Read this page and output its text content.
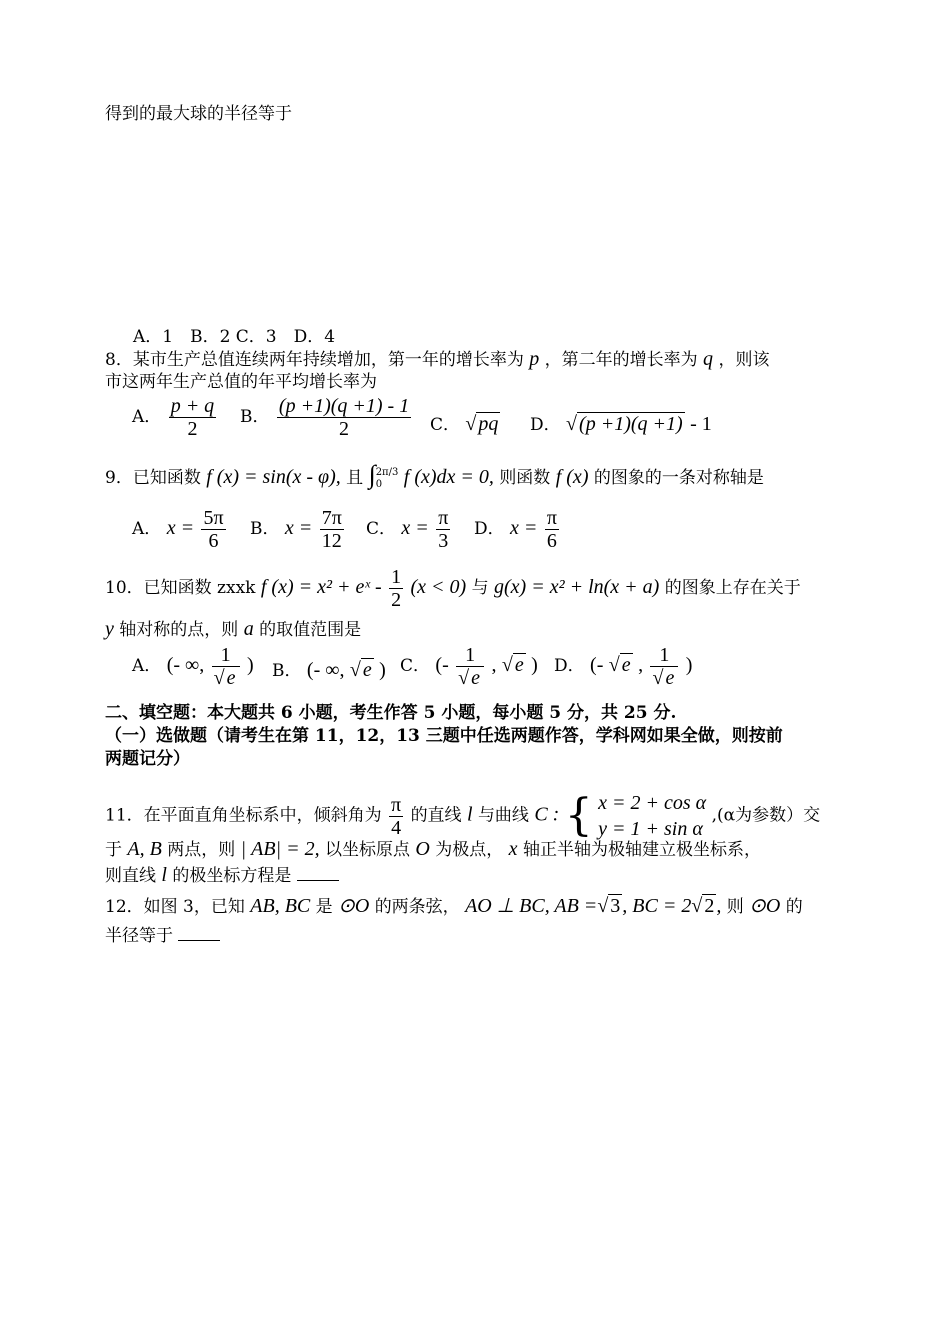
得到的最大球的半径等于
A．1　B．2 C．3　D．4
8．某市生产总值连续两年持续增加，第一年的增长率为 p ，第二年的增长率为 q ，则该
市这两年生产总值的年平均增长率为
A． $\frac{p + q}{2}$ B． $\frac{(p +1)(q +1) - 1}{2}$ C． √ pq D． √ (p +1)(q +1) - 1
9．已知函数 f (x) = sin(x - φ), 且 ∫ 2π/3
0	f (x)dx = 0, 则函数 f (x) 的图象的一条对称轴是
A． $x = \frac{5\pi}{6}$ B． $x = \frac{7\pi}{12}$ C． $x = \frac{\pi}{3}$ D． $x = \frac{\pi}{6}$
10．已知函数 zxxk f (x) = x² + eˣ - $\frac{1}{2} (x < 0)$ 与 g(x) = x² + ln(x + a) 的图象上存在关于
y 轴对称的点，则 a 的取值范围是
A． (- ∞, $\frac{1}{√ e}$ ) B． (- ∞, √ e ) C． (- $\frac{1}{√ e}$ , √ e ) D． (- √ e , $\frac{1}{√ e}$ )
二、填空题：本大题共 6 小题，考生作答 5 小题，每小题 5 分，共 25 分.
（一）选做题（请考生在第 11，12，13 三题中任选两题作答，学科网如果全做，则按前
两题记分）
11．在平面直角坐标系中，倾斜角为 $\frac{\pi}{4}$ 的直线 l 与曲线 C : { x = 2 + cos α
y = 1 + sin α
,(α为参数）交
于 A, B 两点，则 | AB| = 2, 以坐标原点 O 为极点， x 轴正半轴为极轴建立极坐标系，
则直线 l 的极坐标方程是
12．如图 3，已知 AB, BC 是 ⊙O 的两条弦， AO ⊥ BC, AB =√ 3 , BC = 2√ 2 , 则 ⊙O 的
半径等于
